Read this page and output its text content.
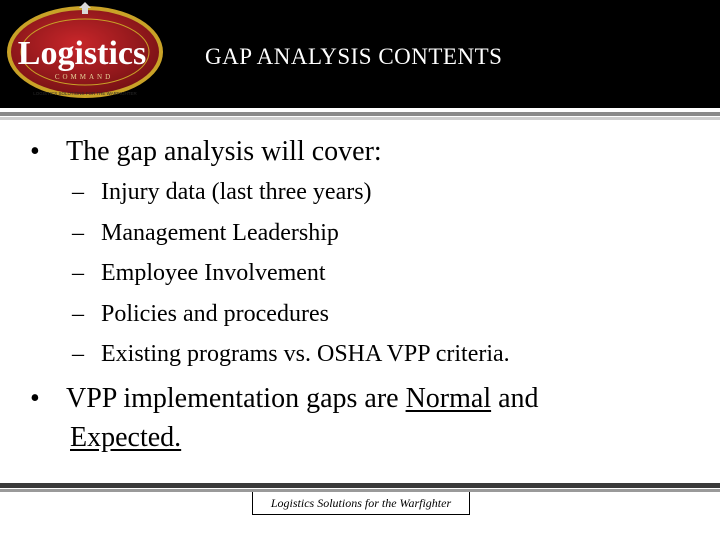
Logistics
COMMAND
LOGISTICS SOLUTIONS FOR THE WARFIGHTER
GAP ANALYSIS CONTENTS
• The gap analysis will cover:
– Injury data (last three years)
– Management Leadership
– Employee Involvement
– Policies and procedures
– Existing programs vs. OSHA VPP criteria.
• VPP implementation gaps are Normal and
Expected.
Logistics Solutions for the Warfighter
